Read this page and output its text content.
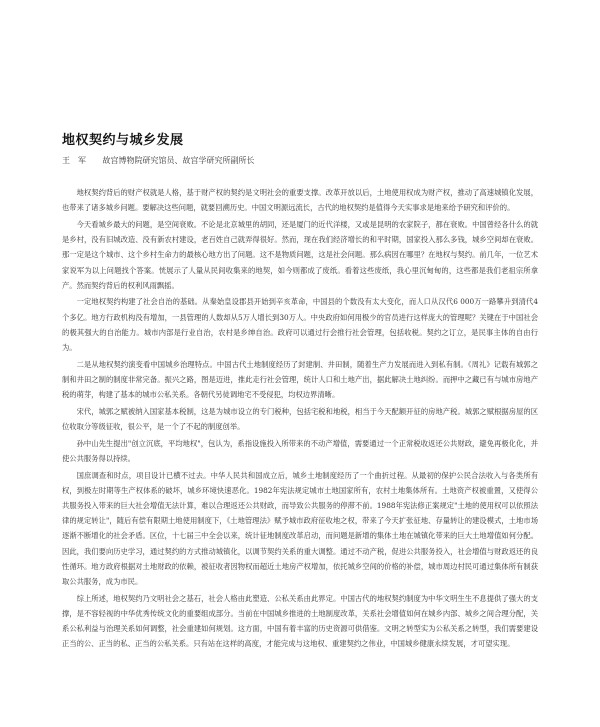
地权契约与城乡发展
王　军 故宫博物院研究馆员、故宫学研究所副所长

地权契约背后的财产权就是人格，基于财产权的契约是文明社会的重要支撑。改革开放以后，土地使用权成为财产权，推动了高速城镇化发展，也带来了诸多城乡问题。要解决这些问题，就要回溯历史。中国文明源远流长，古代的地权契约是值得今天实事求是地来给予研究和评价的。

今天看城乡最大的问题，是空间衰败。不论是北京城里的胡同，还是厦门的近代洋楼，又或是昆明的农家院子，都在衰败。中国曾经各什么的就是乡村，没有旧城改造、没有新农村建设，老百姓自己就弄得很好。然而，现在我们经济增长的和平时期，国家投入那么多钱，城乡空间却在衰败。那一定是这个城市、这个乡村生命力的最核心地方出了问题。这不是物质问题，这是社会问题。那么病因在哪里？在地权与契约。前几年，一位艺术家说军为以上问题找个答案。恍展示了人量从民间收集来的地契，如今则都成了废纸。看着这些废纸，我心里沉甸甸的，这些都是我们老祖宗所拿产。然而契约背后的权利风雨飘摇。

一定地权契约构建了社会自治的基础。从秦始皇设郡县开始到辛亥革命，中国县的个数没有太大变化，而人口从汉代6 000万一路攀升到清代4个多亿。地方行政机构没有增加，一县管理的人数却从5万人增长到30万人。中央政府如何用极少的官员进行这样庞大的管理呢？关键在于中国社会的极其强大的自治能力。城市内部是行业自治，农村是乡绅自治。政府可以通过行会推行社会管理，包括收税。契约之订立，是民事主体的自由行为。

二是从地权契约演变看中国城乡治理特点。中国古代土地制度经历了封建制、井田制，随着生产力发展而进入到私有制。《周礼》记载有城郭之制和井田之制的制度非常完备。振兴之路，图是迈进，推此走行社会管理，统计人口和土地产出，据此解决土地纠纷。而押中之藏已有与城市房地产税的萌芽，构建了基本的城市公私关系。各朝代另徒调地宅不受侵犯，均权边界清晰。

宋代，城郭之赋被纳入国家基本税制，这是为城市设立的专门税种，包括宅税和地税，相当于今天配额开征的房地产税。城郭之赋根据房屋的区位收取分等级征收，很公平，是一个了不起的制度创举。

孙中山先生提出"创立沉底，平均地权"，包认为，系指设施投入所带来的不动产增值，需要通过一个正常税收返还公共财政，避免再极化化，并使公共服务得以持续。

国庶调查和时点，项目设计已横不过去。中华人民共和国成立后，城乡土地制度经历了一个曲折过程。从最初的保护公民合法收入与各类所有权，到极左时期等生产权体系的破坏，城乡环境快速恶化。1982年宪法规定城市土地国家所有，农村土地集体所有。土地资产权被重置，又使得公共服务投入带来的巨大社会增值无法计算，难以合理返还公共财政，而导致公共服务的停滞不前。1988年宪法修正案规定"土地的使用权可以依照法律的规定转让"，随后有偿有限期土地使用制度下，《土地管理法》赋予城市政府征收地之权，带来了今天扩张征地、存量转让的建设模式，土地市场逐渐不断增化的社会矛盾。区位，十七届三中全会以来，统计征地制度改革启动，而问题是新增的集体土地在城镇化带来的巨大土地增值如何分配。因此，我们要向历史学习，通过契约的方式推动城镇化，以调节契约关系的重大调整。通过不动产税，促进公共服务投入，社会增值与财政返还的良性循环。地方政府根据对土地财政的依赖，被征收者因物权而超近土地房产权增加，依托城乡空间的价格的补偿，城市周边村民可通过集体所有制获取公共服务，成为市民。

综上所述，地权契约乃文明社会之基石，社会人格由此塑造、公私关系由此界定。中国古代的地权契约制度为中华文明生生不息提供了强大的支撑，是不容轻视的中华优秀传统文化的重要组成部分。当前在中国城乡推进的土地制度改革，关系社会增值如何在城乡内部、城乡之间合理分配，关系公私利益与治理关系如何调整，社会重建如何规划。这方面，中国有着丰富的历史资源可供借鉴。文明之转型实为公私关系之转型，我们需要建设正当的公、正当的私、正当的公私关系。只有站在这样的高度，才能完成与这地权、重建契约之伟业，中国城乡健康永续发展，才可望实现。
